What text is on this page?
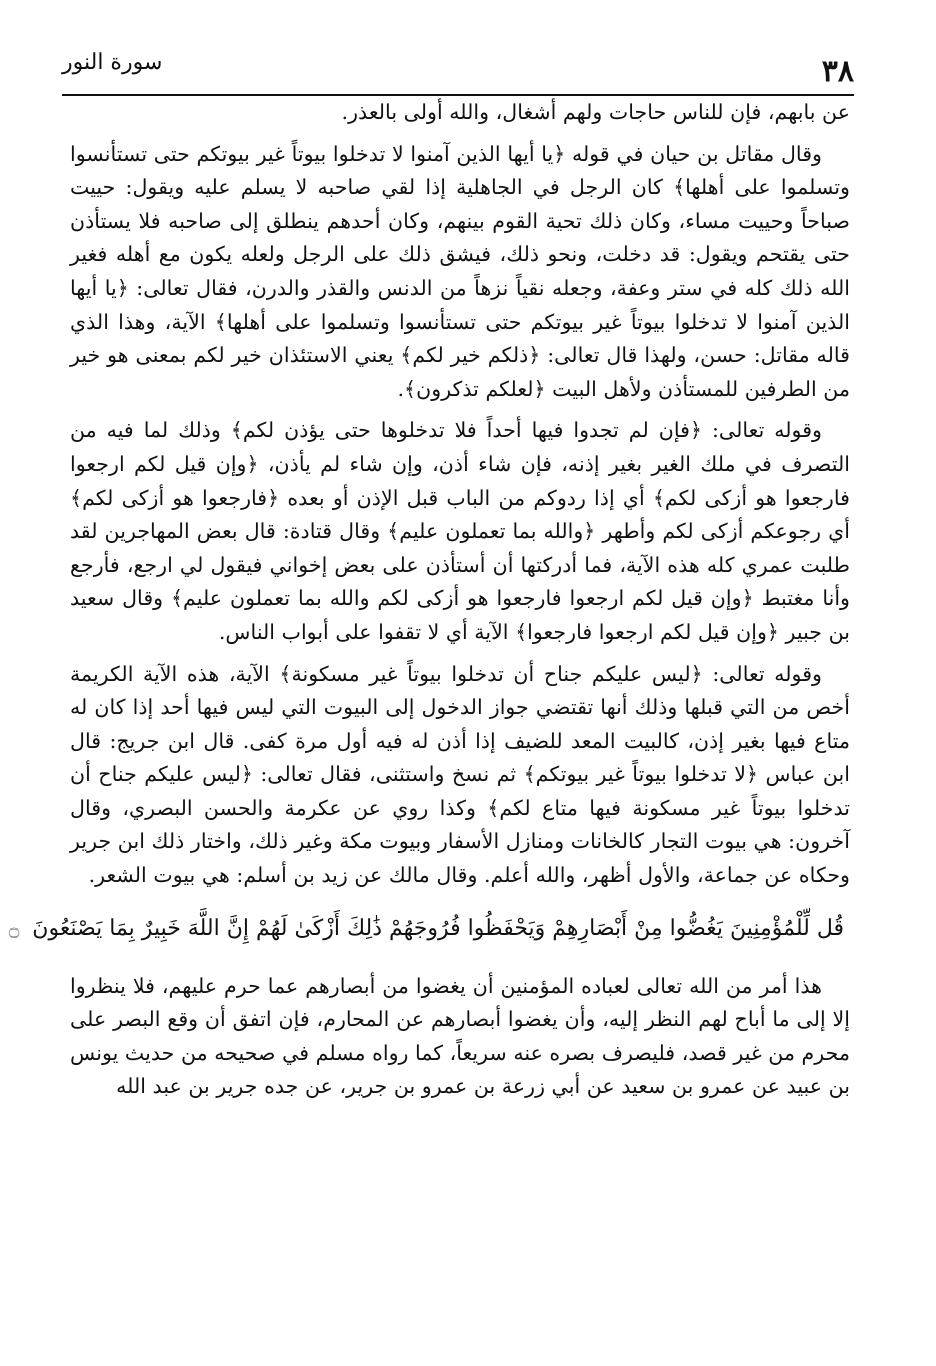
٣٨
سورة النور

عن بابهم، فإن للناس حاجات ولهم أشغال، والله أولى بالعذر.

وقال مقاتل بن حيان في قوله ﴿يا أيها الذين آمنوا لا تدخلوا بيوتاً غير بيوتكم حتى تستأنسوا وتسلموا على أهلها﴾ كان الرجل في الجاهلية إذا لقي صاحبه لا يسلم عليه ويقول: حييت صباحاً وحييت مساء، وكان ذلك تحية القوم بينهم، وكان أحدهم ينطلق إلى صاحبه فلا يستأذن حتى يقتحم ويقول: قد دخلت، ونحو ذلك، فيشق ذلك على الرجل ولعله يكون مع أهله فغير الله ذلك كله في ستر وعفة، وجعله نقياً نزهاً من الدنس والقذر والدرن، فقال تعالى: ﴿يا أيها الذين آمنوا لا تدخلوا بيوتاً غير بيوتكم حتى تستأنسوا وتسلموا على أهلها﴾ الآية، وهذا الذي قاله مقاتل: حسن، ولهذا قال تعالى: ﴿ذلكم خير لكم﴾ يعني الاستئذان خير لكم بمعنى هو خير من الطرفين للمستأذن ولأهل البيت ﴿لعلكم تذكرون﴾.

وقوله تعالى: ﴿فإن لم تجدوا فيها أحداً فلا تدخلوها حتى يؤذن لكم﴾ وذلك لما فيه من التصرف في ملك الغير بغير إذنه، فإن شاء أذن، وإن شاء لم يأذن، ﴿وإن قيل لكم ارجعوا فارجعوا هو أزكى لكم﴾ أي إذا ردوكم من الباب قبل الإذن أو بعده ﴿فارجعوا هو أزكى لكم﴾ أي رجوعكم أزكى لكم وأطهر ﴿والله بما تعملون عليم﴾ وقال قتادة: قال بعض المهاجرين لقد طلبت عمري كله هذه الآية، فما أدركتها أن أستأذن على بعض إخواني فيقول لي ارجع، فأرجع وأنا مغتبط ﴿وإن قيل لكم ارجعوا فارجعوا هو أزكى لكم والله بما تعملون عليم﴾ وقال سعيد بن جبير ﴿وإن قيل لكم ارجعوا فارجعوا﴾ الآية أي لا تقفوا على أبواب الناس.

وقوله تعالى: ﴿ليس عليكم جناح أن تدخلوا بيوتاً غير مسكونة﴾ الآية، هذه الآية الكريمة أخص من التي قبلها وذلك أنها تقتضي جواز الدخول إلى البيوت التي ليس فيها أحد إذا كان له متاع فيها بغير إذن، كالبيت المعد للضيف إذا أذن له فيه أول مرة كفى. قال ابن جريج: قال ابن عباس ﴿لا تدخلوا بيوتاً غير بيوتكم﴾ ثم نسخ واستثنى، فقال تعالى: ﴿ليس عليكم جناح أن تدخلوا بيوتاً غير مسكونة فيها متاع لكم﴾ وكذا روي عن عكرمة والحسن البصري، وقال آخرون: هي بيوت التجار كالخانات ومنازل الأسفار وبيوت مكة وغير ذلك، واختار ذلك ابن جرير وحكاه عن جماعة، والأول أظهر، والله أعلم. وقال مالك عن زيد بن أسلم: هي بيوت الشعر.

قُل لِّلْمُؤْمِنِينَ يَغُضُّوا مِنْ أَبْصَارِهِمْ وَيَحْفَظُوا فُرُوجَهُمْ ذَٰلِكَ أَزْكَىٰ لَهُمْ إِنَّ اللَّهَ خَبِيرٌ بِمَا يَصْنَعُونَ ۝

هذا أمر من الله تعالى لعباده المؤمنين أن يغضوا من أبصارهم عما حرم عليهم، فلا ينظروا إلا إلى ما أباح لهم النظر إليه، وأن يغضوا أبصارهم عن المحارم، فإن اتفق أن وقع البصر على محرم من غير قصد، فليصرف بصره عنه سريعاً، كما رواه مسلم في صحيحه من حديث يونس بن عبيد عن عمرو بن سعيد عن أبي زرعة بن عمرو بن جرير، عن جده جرير بن عبد الله
